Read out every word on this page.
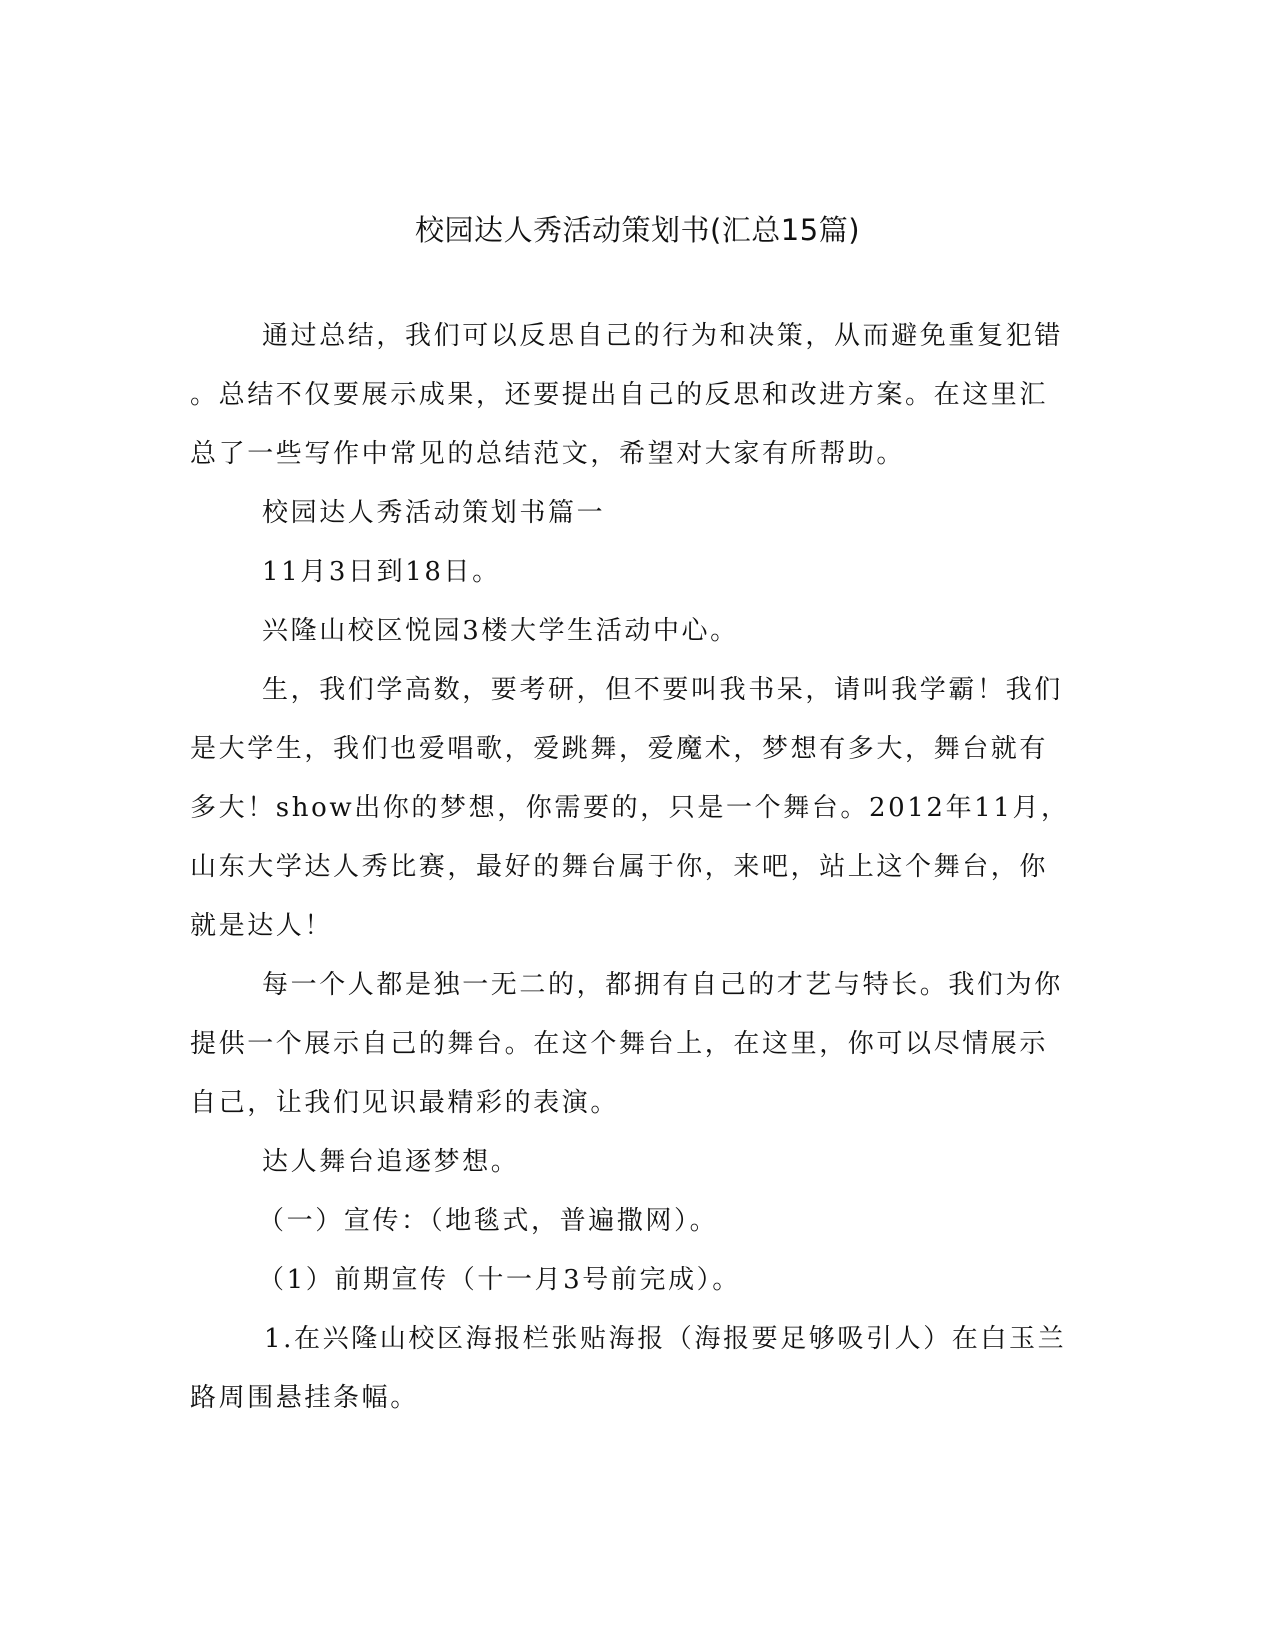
校园达人秀活动策划书(汇总15篇)
通过总结，我们可以反思自己的行为和决策，从而避免重复犯错
。总结不仅要展示成果，还要提出自己的反思和改进方案。在这里汇
总了一些写作中常见的总结范文，希望对大家有所帮助。
校园达人秀活动策划书篇一
11月3日到18日。
兴隆山校区悦园3楼大学生活动中心。
生，我们学高数，要考研，但不要叫我书呆，请叫我学霸！我们
是大学生，我们也爱唱歌，爱跳舞，爱魔术，梦想有多大，舞台就有
多大！show出你的梦想，你需要的，只是一个舞台。2012年11月，
山东大学达人秀比赛，最好的舞台属于你，来吧，站上这个舞台，你
就是达人！
每一个人都是独一无二的，都拥有自己的才艺与特长。我们为你
提供一个展示自己的舞台。在这个舞台上，在这里，你可以尽情展示
自己，让我们见识最精彩的表演。
达人舞台追逐梦想。
（一）宣传：（地毯式，普遍撒网）。
（1）前期宣传（十一月3号前完成）。
1.在兴隆山校区海报栏张贴海报（海报要足够吸引人）在白玉兰
路周围悬挂条幅。
